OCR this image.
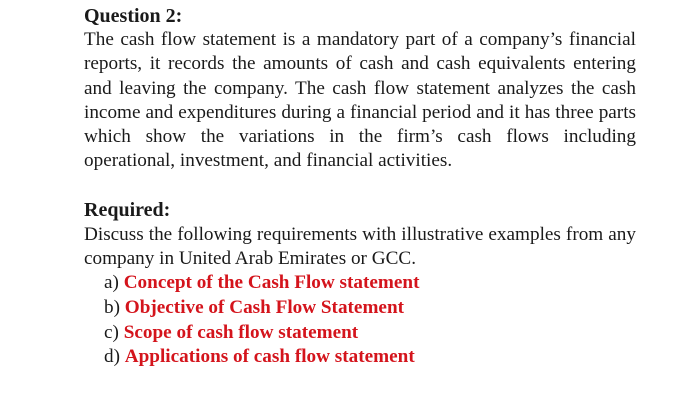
Question 2:

The cash flow statement is a mandatory part of a company’s financial reports, it records the amounts of cash and cash equivalents entering and leaving the company. The cash flow statement analyzes the cash income and expenditures during a financial period and it has three parts which show the variations in the firm’s cash flows including operational, investment, and financial activities.

Required:

Discuss the following requirements with illustrative examples from any company in United Arab Emirates or GCC.

a) Concept of the Cash Flow statement
b) Objective of Cash Flow Statement
c) Scope of cash flow statement
d) Applications of cash flow statement
